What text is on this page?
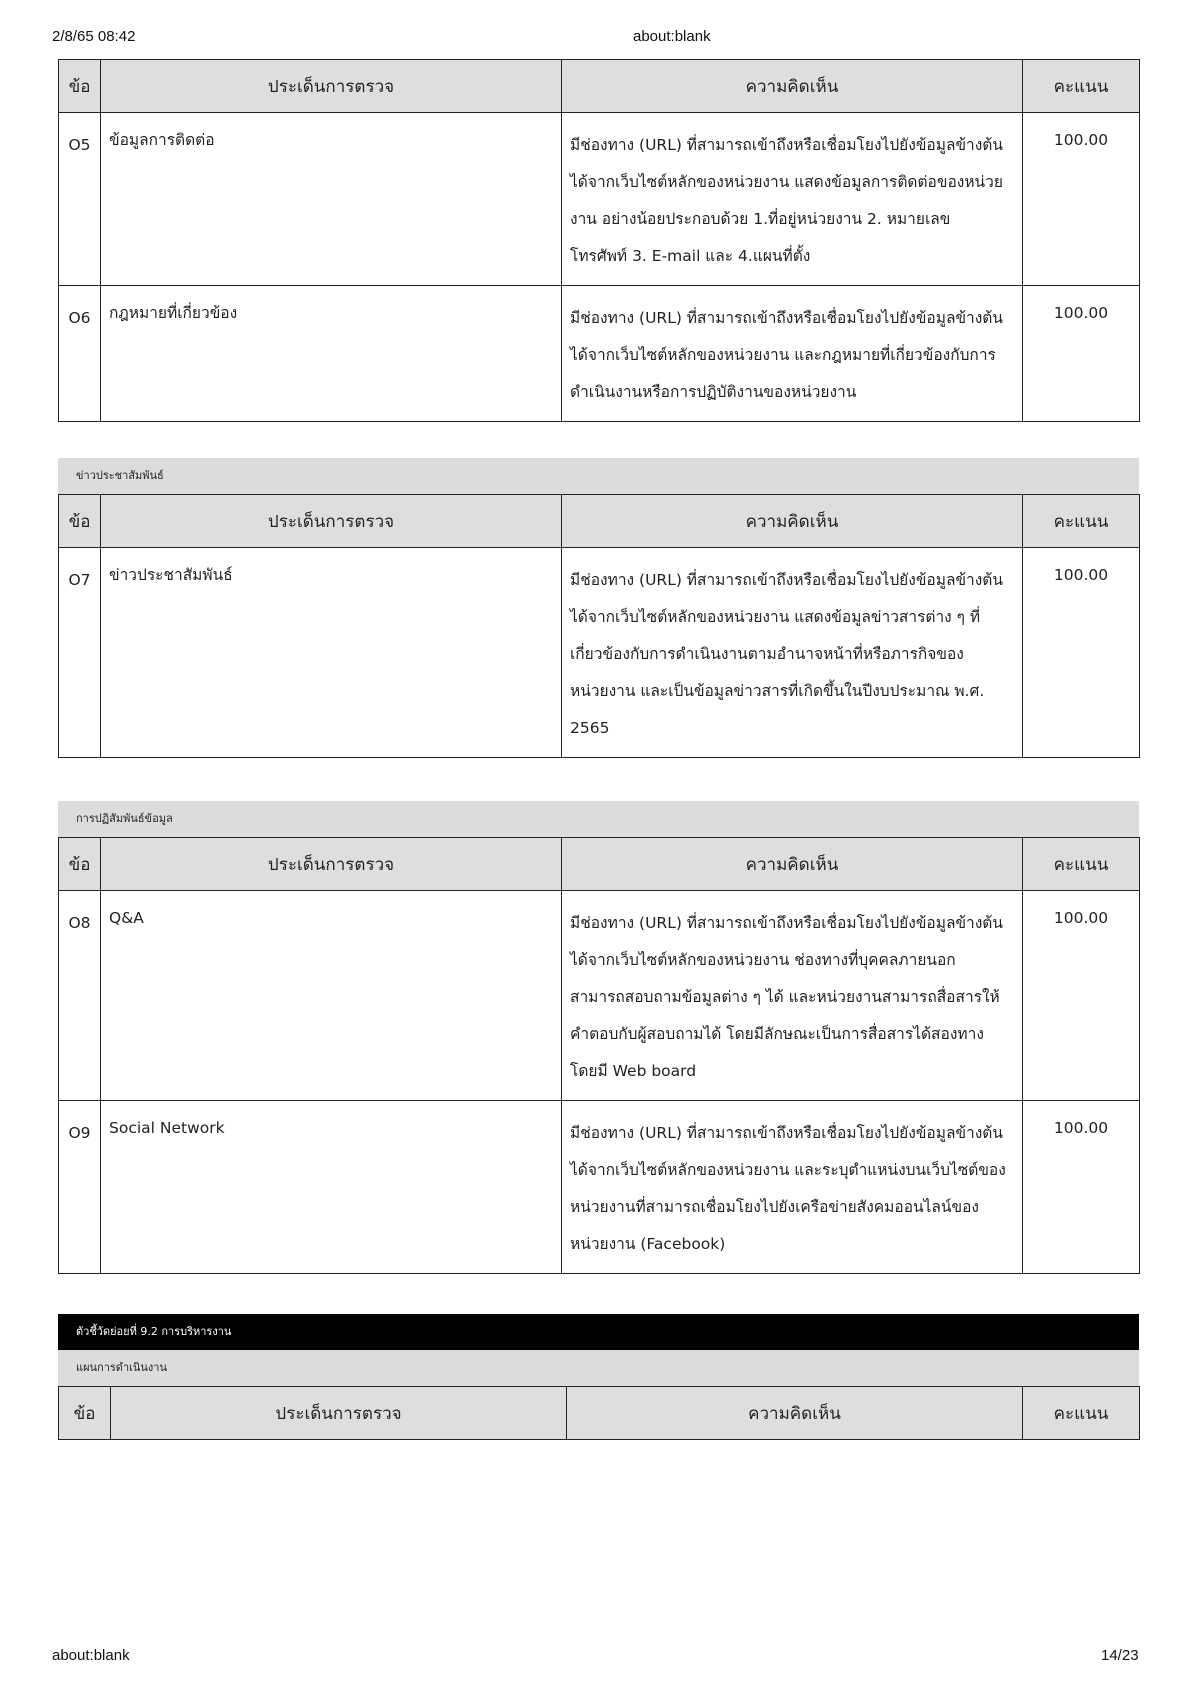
2/8/65 08:42	about:blank
ข้อ	ประเด็นการตรวจ	ความคิดเห็น	คะแนน
O5	ข้อมูลการติดต่อ	มีช่องทาง (URL) ที่สามารถเข้าถึงหรือเชื่อมโยงไปยังข้อมูลข้างต้น

ได้จากเว็บไซต์หลักของหน่วยงาน แสดงข้อมูลการติดต่อของหน่วย

งาน อย่างน้อยประกอบด้วย 1.ที่อยู่หน่วยงาน 2. หมายเลข

โทรศัพท์ 3. E-mail และ 4.แผนที่ตั้ง	100.00
O6	กฎหมายที่เกี่ยวข้อง	มีช่องทาง (URL) ที่สามารถเข้าถึงหรือเชื่อมโยงไปยังข้อมูลข้างต้น

ได้จากเว็บไซต์หลักของหน่วยงาน และกฎหมายที่เกี่ยวข้องกับการ

ดำเนินงานหรือการปฏิบัติงานของหน่วยงาน	100.00
ข่าวประชาสัมพันธ์
ข้อ	ประเด็นการตรวจ	ความคิดเห็น	คะแนน
O7	ข่าวประชาสัมพันธ์	มีช่องทาง (URL) ที่สามารถเข้าถึงหรือเชื่อมโยงไปยังข้อมูลข้างต้น

ได้จากเว็บไซต์หลักของหน่วยงาน แสดงข้อมูลข่าวสารต่าง ๆ ที่

เกี่ยวข้องกับการดำเนินงานตามอำนาจหน้าที่หรือภารกิจของ

หน่วยงาน และเป็นข้อมูลข่าวสารที่เกิดขึ้นในปีงบประมาณ พ.ศ.

2565	100.00
การปฏิสัมพันธ์ข้อมูล
ข้อ	ประเด็นการตรวจ	ความคิดเห็น	คะแนน
O8	Q&A	มีช่องทาง (URL) ที่สามารถเข้าถึงหรือเชื่อมโยงไปยังข้อมูลข้างต้น

ได้จากเว็บไซต์หลักของหน่วยงาน ช่องทางที่บุคคลภายนอก

สามารถสอบถามข้อมูลต่าง ๆ ได้ และหน่วยงานสามารถสื่อสารให้

คำตอบกับผู้สอบถามได้ โดยมีลักษณะเป็นการสื่อสารได้สองทาง

โดยมี Web board	100.00
O9	Social Network	มีช่องทาง (URL) ที่สามารถเข้าถึงหรือเชื่อมโยงไปยังข้อมูลข้างต้น

ได้จากเว็บไซต์หลักของหน่วยงาน และระบุตำแหน่งบนเว็บไซต์ของ

หน่วยงานที่สามารถเชื่อมโยงไปยังเครือข่ายสังคมออนไลน์ของ

หน่วยงาน (Facebook)	100.00
ตัวชี้วัดย่อยที่ 9.2 การบริหารงาน
แผนการดำเนินงาน
ข้อ	ประเด็นการตรวจ	ความคิดเห็น	คะแนน
about:blank	14/23
